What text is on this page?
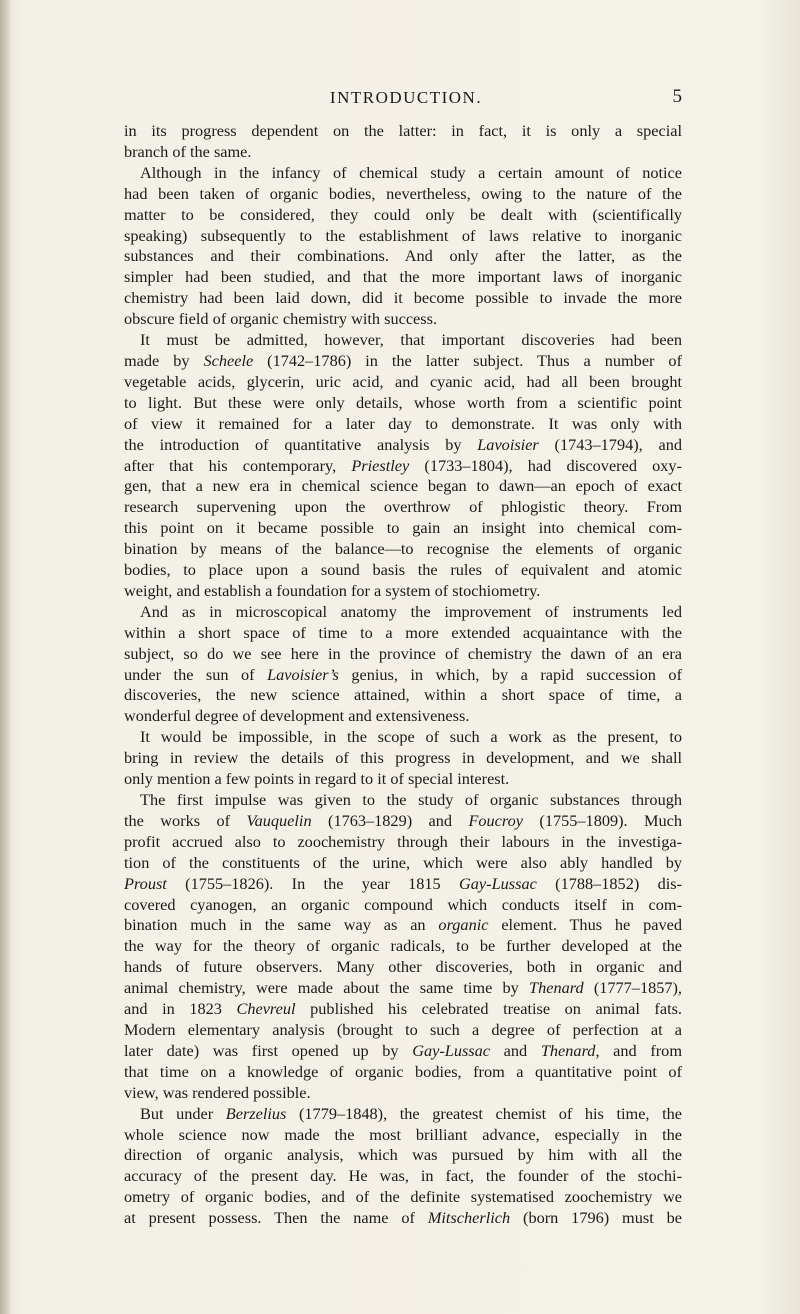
INTRODUCTION.	5
in its progress dependent on the latter: in fact, it is only a special
branch of the same.
Although in the infancy of chemical study a certain amount of notice
had been taken of organic bodies, nevertheless, owing to the nature of the
matter to be considered, they could only be dealt with (scientifically
speaking) subsequently to the establishment of laws relative to inorganic
substances and their combinations. And only after the latter, as the
simpler had been studied, and that the more important laws of inorganic
chemistry had been laid down, did it become possible to invade the more
obscure field of organic chemistry with success.
It must be admitted, however, that important discoveries had been
made by Scheele (1742–1786) in the latter subject. Thus a number of
vegetable acids, glycerin, uric acid, and cyanic acid, had all been brought
to light. But these were only details, whose worth from a scientific point
of view it remained for a later day to demonstrate. It was only with
the introduction of quantitative analysis by Lavoisier (1743–1794), and
after that his contemporary, Priestley (1733–1804), had discovered oxy-
gen, that a new era in chemical science began to dawn—an epoch of exact
research supervening upon the overthrow of phlogistic theory. From
this point on it became possible to gain an insight into chemical com-
bination by means of the balance—to recognise the elements of organic
bodies, to place upon a sound basis the rules of equivalent and atomic
weight, and establish a foundation for a system of stochiometry.
And as in microscopical anatomy the improvement of instruments led
within a short space of time to a more extended acquaintance with the
subject, so do we see here in the province of chemistry the dawn of an era
under the sun of Lavoisier’s genius, in which, by a rapid succession of
discoveries, the new science attained, within a short space of time, a
wonderful degree of development and extensiveness.
It would be impossible, in the scope of such a work as the present, to
bring in review the details of this progress in development, and we shall
only mention a few points in regard to it of special interest.
The first impulse was given to the study of organic substances through
the works of Vauquelin (1763–1829) and Foucroy (1755–1809). Much
profit accrued also to zoochemistry through their labours in the investiga-
tion of the constituents of the urine, which were also ably handled by
Proust (1755–1826). In the year 1815 Gay-Lussac (1788–1852) dis-
covered cyanogen, an organic compound which conducts itself in com-
bination much in the same way as an organic element. Thus he paved
the way for the theory of organic radicals, to be further developed at the
hands of future observers. Many other discoveries, both in organic and
animal chemistry, were made about the same time by Thenard (1777–1857),
and in 1823 Chevreul published his celebrated treatise on animal fats.
Modern elementary analysis (brought to such a degree of perfection at a
later date) was first opened up by Gay-Lussac and Thenard, and from
that time on a knowledge of organic bodies, from a quantitative point of
view, was rendered possible.
But under Berzelius (1779–1848), the greatest chemist of his time, the
whole science now made the most brilliant advance, especially in the
direction of organic analysis, which was pursued by him with all the
accuracy of the present day. He was, in fact, the founder of the stochi-
ometry of organic bodies, and of the definite systematised zoochemistry we
at present possess. Then the name of Mitscherlich (born 1796) must be
